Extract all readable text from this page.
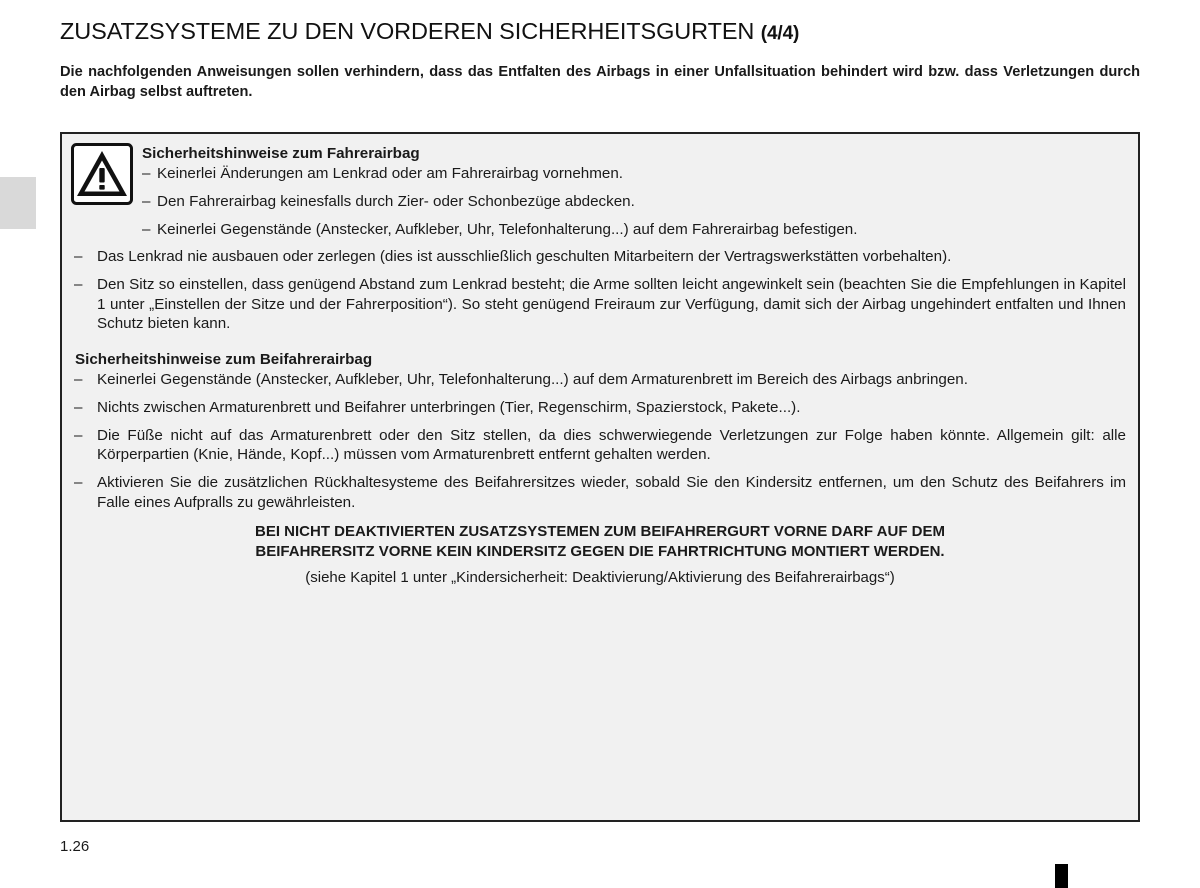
ZUSATZSYSTEME ZU DEN VORDEREN SICHERHEITSGURTEN (4/4)

Die nachfolgenden Anweisungen sollen verhindern, dass das Entfalten des Airbags in einer Unfallsituation behindert wird bzw. dass Verletzungen durch den Airbag selbst auftreten.

Sicherheitshinweise zum Fahrerairbag
– Keinerlei Änderungen am Lenkrad oder am Fahrerairbag vornehmen.
– Den Fahrerairbag keinesfalls durch Zier- oder Schonbezüge abdecken.
– Keinerlei Gegenstände (Anstecker, Aufkleber, Uhr, Telefonhalterung...) auf dem Fahrerairbag befestigen.
– Das Lenkrad nie ausbauen oder zerlegen (dies ist ausschließlich geschulten Mitarbeitern der Vertragswerkstätten vorbehalten).
– Den Sitz so einstellen, dass genügend Abstand zum Lenkrad besteht; die Arme sollten leicht angewinkelt sein (beachten Sie die Empfehlungen in Kapitel 1 unter „Einstellen der Sitze und der Fahrerposition“). So steht genügend Freiraum zur Verfügung, damit sich der Airbag ungehindert entfalten und Ihnen Schutz bieten kann.
Sicherheitshinweise zum Beifahrerairbag
– Keinerlei Gegenstände (Anstecker, Aufkleber, Uhr, Telefonhalterung...) auf dem Armaturenbrett im Bereich des Airbags anbringen.
– Nichts zwischen Armaturenbrett und Beifahrer unterbringen (Tier, Regenschirm, Spazierstock, Pakete...).
– Die Füße nicht auf das Armaturenbrett oder den Sitz stellen, da dies schwerwiegende Verletzungen zur Folge haben könnte. Allgemein gilt: alle Körperpartien (Knie, Hände, Kopf...) müssen vom Armaturenbrett entfernt gehalten werden.
– Aktivieren Sie die zusätzlichen Rückhaltesysteme des Beifahrersitzes wieder, sobald Sie den Kindersitz entfernen, um den Schutz des Beifahrers im Falle eines Aufpralls zu gewährleisten.
BEI NICHT DEAKTIVIERTEN ZUSATZSYSTEMEN ZUM BEIFAHRERGURT VORNE DARF AUF DEM BEIFAHRERSITZ VORNE KEIN KINDERSITZ GEGEN DIE FAHRTRICHTUNG MONTIERT WERDEN.
(siehe Kapitel 1 unter „Kindersicherheit: Deaktivierung/Aktivierung des Beifahrerairbags“)
1.26
